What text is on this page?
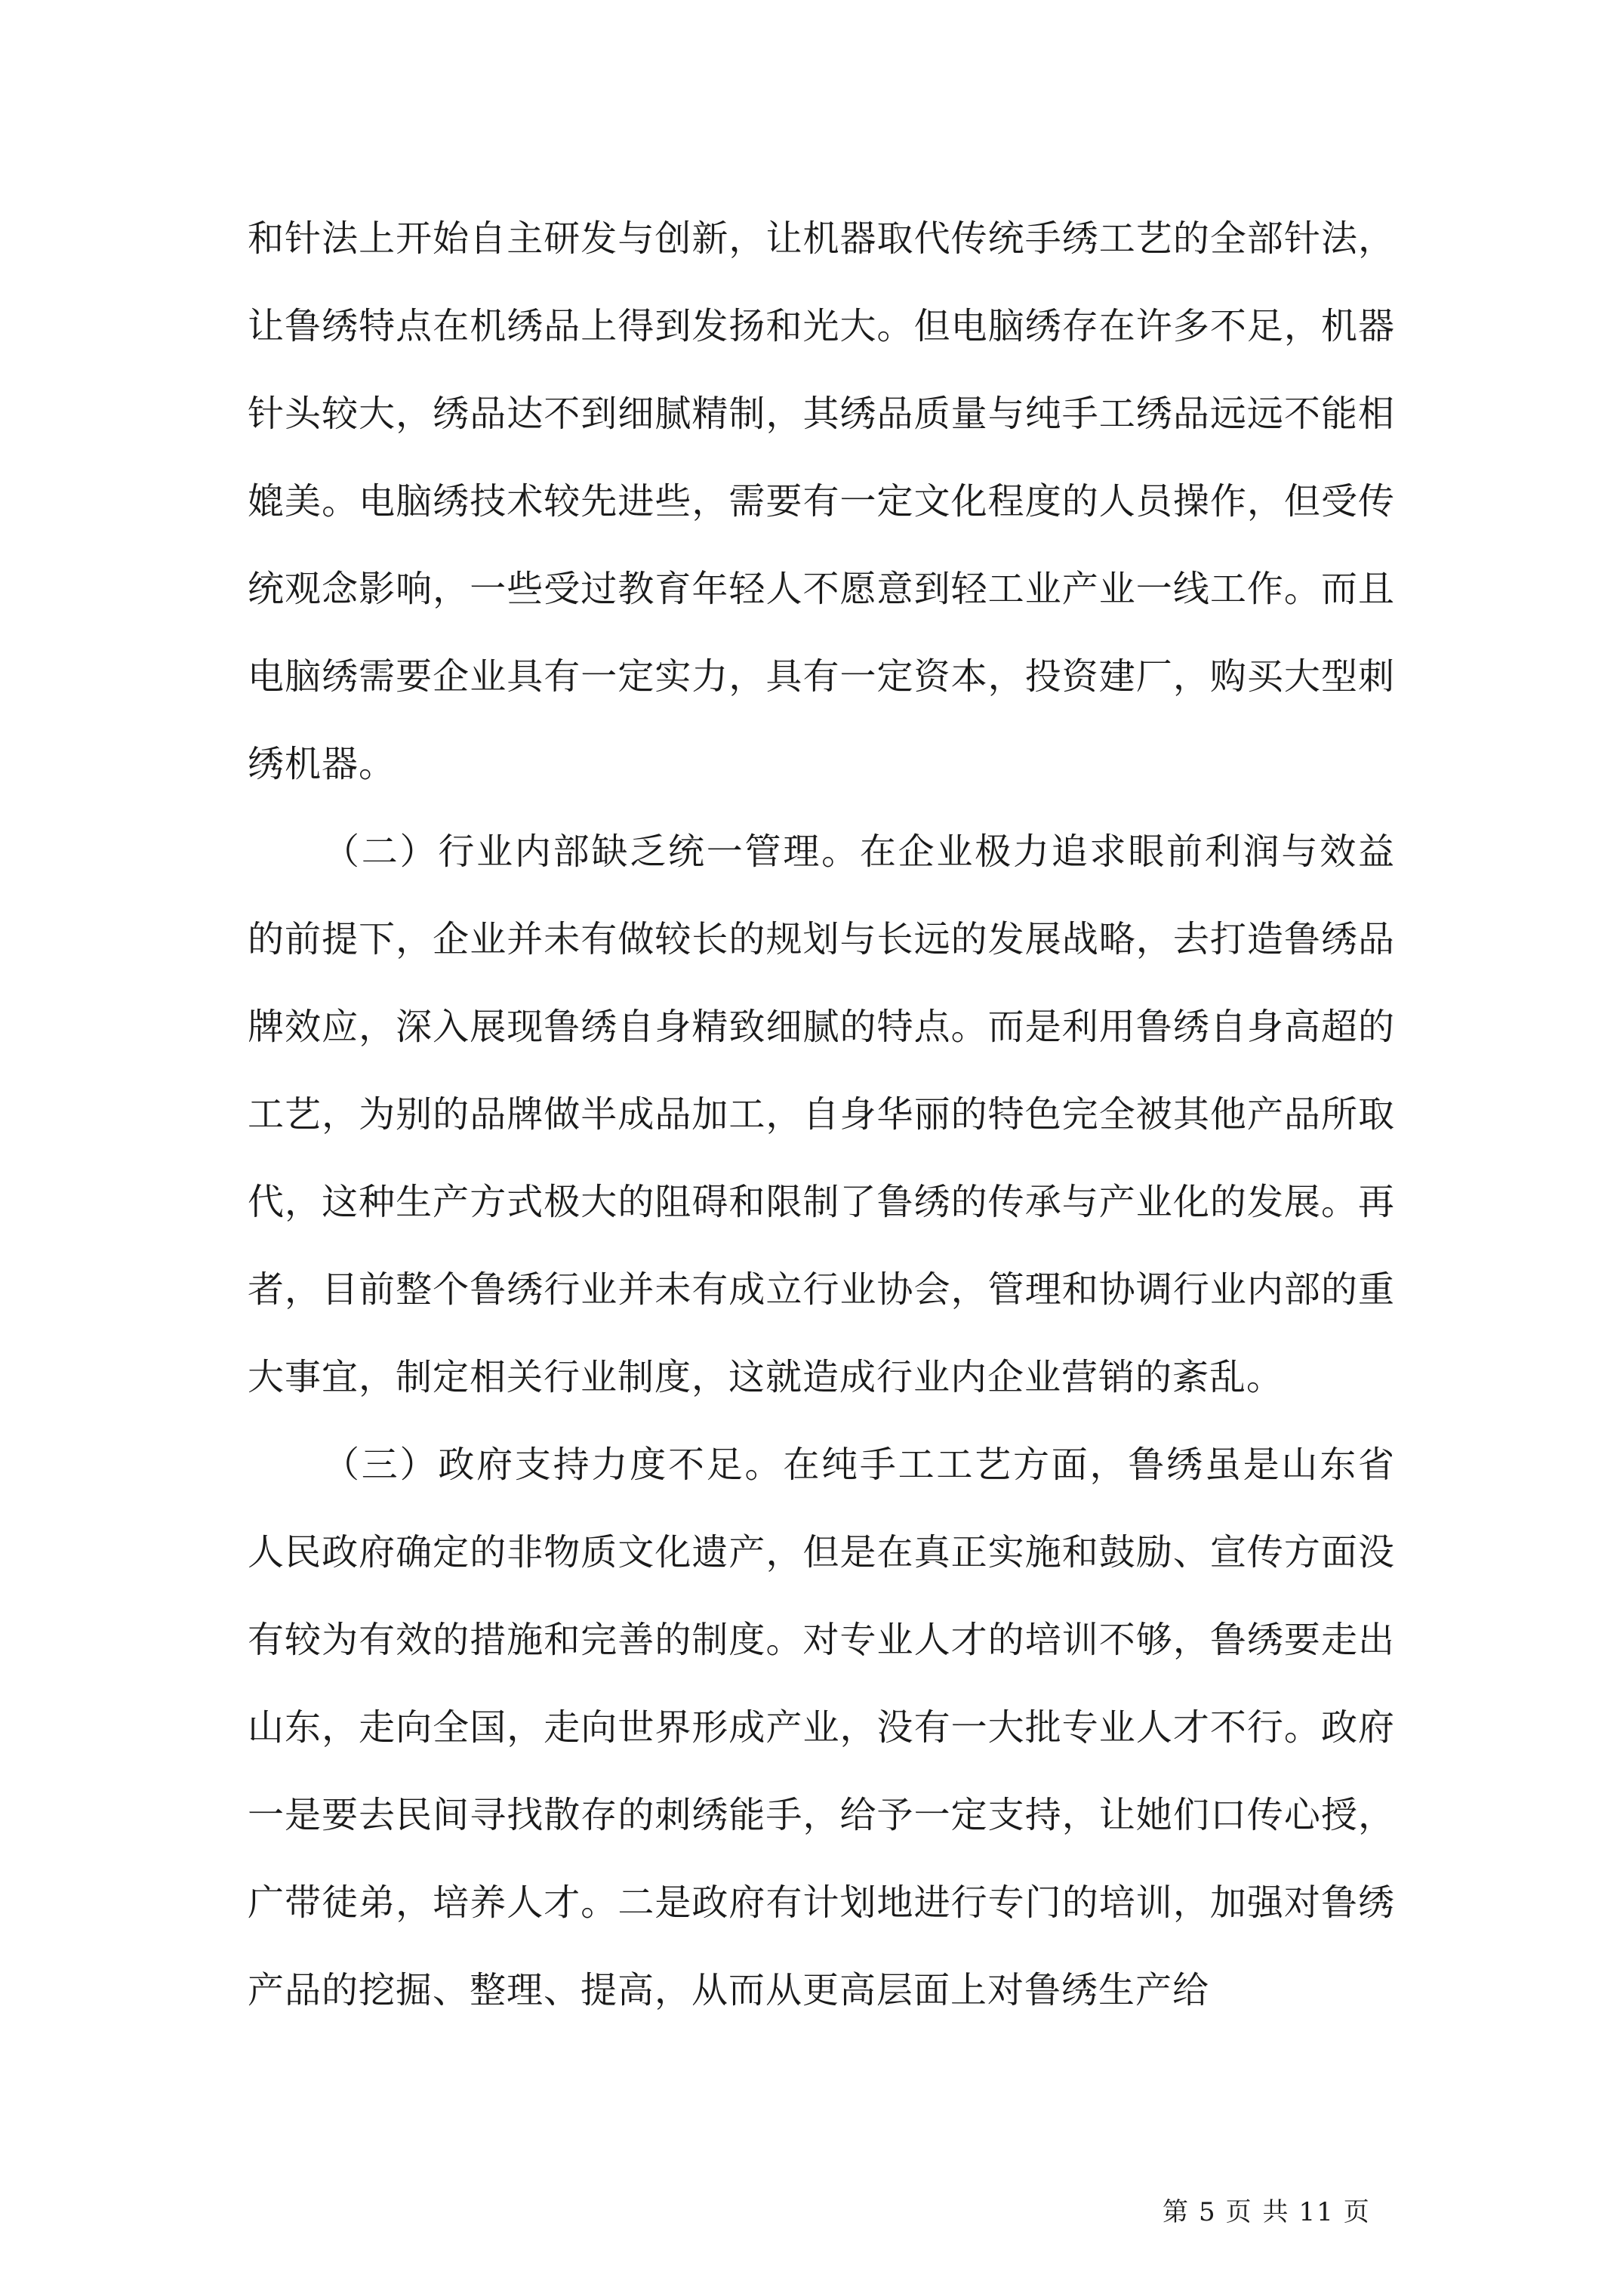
和针法上开始自主研发与创新，让机器取代传统手绣工艺的全部针法，让鲁绣特点在机绣品上得到发扬和光大。但电脑绣存在许多不足，机器针头较大，绣品达不到细腻精制，其绣品质量与纯手工绣品远远不能相媲美。电脑绣技术较先进些，需要有一定文化程度的人员操作，但受传统观念影响，一些受过教育年轻人不愿意到轻工业产业一线工作。而且电脑绣需要企业具有一定实力，具有一定资本，投资建厂，购买大型刺绣机器。

（二）行业内部缺乏统一管理。在企业极力追求眼前利润与效益的前提下，企业并未有做较长的规划与长远的发展战略，去打造鲁绣品牌效应，深入展现鲁绣自身精致细腻的特点。而是利用鲁绣自身高超的工艺，为别的品牌做半成品加工，自身华丽的特色完全被其他产品所取代，这种生产方式极大的阻碍和限制了鲁绣的传承与产业化的发展。再者，目前整个鲁绣行业并未有成立行业协会，管理和协调行业内部的重大事宜，制定相关行业制度，这就造成行业内企业营销的紊乱。

（三）政府支持力度不足。在纯手工工艺方面，鲁绣虽是山东省人民政府确定的非物质文化遗产，但是在真正实施和鼓励、宣传方面没有较为有效的措施和完善的制度。对专业人才的培训不够，鲁绣要走出山东，走向全国，走向世界形成产业，没有一大批专业人才不行。政府一是要去民间寻找散存的刺绣能手，给予一定支持，让她们口传心授，广带徒弟，培养人才。二是政府有计划地进行专门的培训，加强对鲁绣产品的挖掘、整理、提高，从而从更高层面上对鲁绣生产给

第 5 页 共 11 页
